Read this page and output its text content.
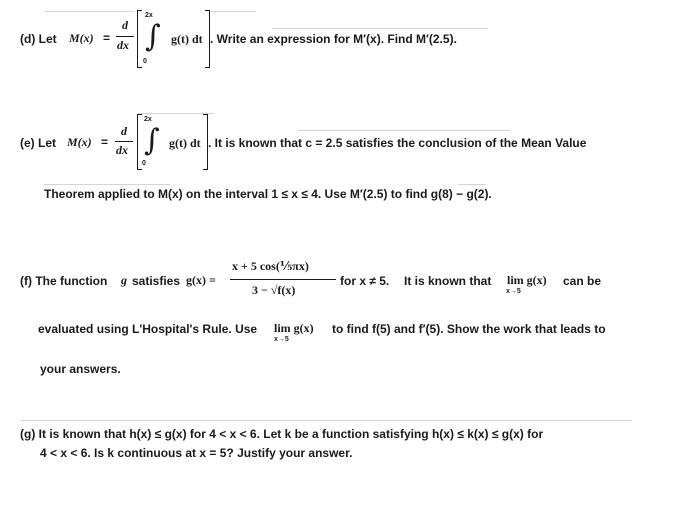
(d) Let M(x) =
d
dx
2x
∫
0
g(t) dt . Write an expression for M′(x). Find M′(2.5).
(e) Let M(x) =
d
dx
2x
∫
0
g(t) dt . It is known that c = 2.5 satisfies the conclusion of the Mean Value
Theorem applied to M(x) on the interval 1 ≤ x ≤ 4. Use M′(2.5) to find g(8) − g(2).
(f) The function g satisfies g(x) =
x + 5 cos(⅕πx)
3 − √f(x)
for x ≠ 5. It is known that lim g(x)
x→5
can be
evaluated using L'Hospital's Rule. Use lim g(x)
x→5
to find f(5) and f′(5). Show the work that leads to
your answers.
(g) It is known that h(x) ≤ g(x) for 4 < x < 6. Let k be a function satisfying h(x) ≤ k(x) ≤ g(x) for
4 < x < 6. Is k continuous at x = 5? Justify your answer.
